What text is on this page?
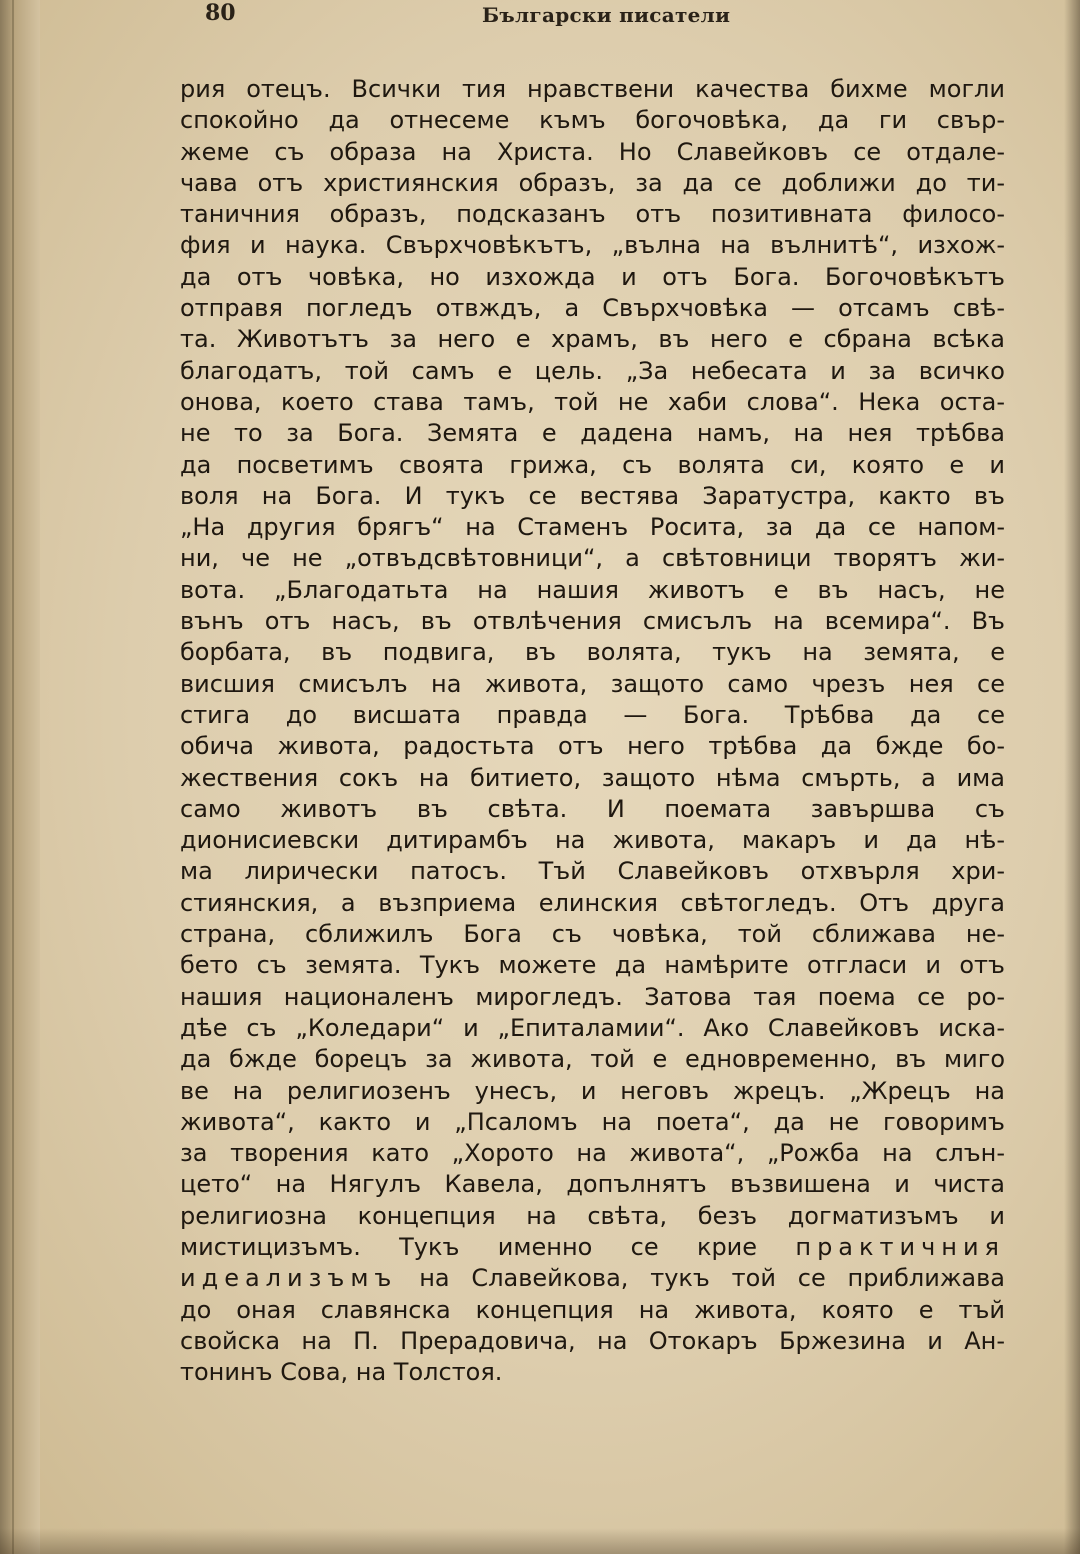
80	Български писатели
рия отецъ. Всички тия нравствени качества бихме могли
спокойно да отнесеме къмъ богочовѣка, да ги свър-
жеме съ образа на Христа. Но Славейковъ се отдале-
чава отъ християнския образъ, за да се доближи до ти-
таничния образъ, подсказанъ отъ позитивната филосо-
фия и наука. Свърхчовѣкътъ, „вълна на вълнитѣ“, изхож-
да отъ човѣка, но изхожда и отъ Бога. Богочовѣкътъ
отправя погледъ отвждъ, а Свърхчовѣка — отсамъ свѣ-
та. Животътъ за него е храмъ, въ него е сбрана всѣка
благодатъ, той самъ е цель. „За небесата и за всичко
онова, което става тамъ, той не хаби слова“. Нека оста-
не то за Бога. Земята е дадена намъ, на нея трѣбва
да посветимъ своята грижа, съ волята си, която е и
воля на Бога. И тукъ се вестява Заратустра, както въ
„На другия брягъ“ на Стаменъ Росита, за да се напом-
ни, че не „отвъдсвѣтовници“, а свѣтовници творятъ жи-
вота. „Благодатьта на нашия животъ е въ насъ, не
вънъ отъ насъ, въ отвлѣчения смисълъ на всемира“. Въ
борбата, въ подвига, въ волята, тукъ на земята, е
висшия смисълъ на живота, защото само чрезъ нея се
стига до висшата правда — Бога. Трѣбва да се
обича живота, радостьта отъ него трѣбва да бжде бо-
жествения сокъ на битието, защото нѣма смърть, а има
само животъ въ свѣта. И поемата завършва съ
дионисиевски дитирамбъ на живота, макаръ и да нѣ-
ма лирически патосъ. Тъй Славейковъ отхвърля хри-
стиянския, а възприема елинския свѣтогледъ. Отъ друга
страна, сближилъ Бога съ човѣка, той сближава не-
бето съ земята. Тукъ можете да намѣрите отгласи и отъ
нашия националенъ мирогледъ. Затова тая поема се ро-
дѣе съ „Коледари“ и „Епиталамии“. Ако Славейковъ иска-
да бжде борецъ за живота, той е едновременно, въ миго
ве на религиозенъ унесъ, и неговъ жрецъ. „Жрецъ на
живота“, както и „Псаломъ на поета“, да не говоримъ
за творения като „Хорото на живота“, „Рожба на слън-
цето“ на Нягулъ Кавела, допълнятъ възвишена и чиста
религиозна концепция на свѣта, безъ догматизъмъ и
мистицизъмъ. Тукъ именно се крие практичния
идеализъмъ на Славейкова, тукъ той се приближава
до оная славянска концепция на живота, която е тъй
свойска на П. Прерадовича, на Отокаръ Бржезина и Ан-
тонинъ Сова, на Толстоя.
